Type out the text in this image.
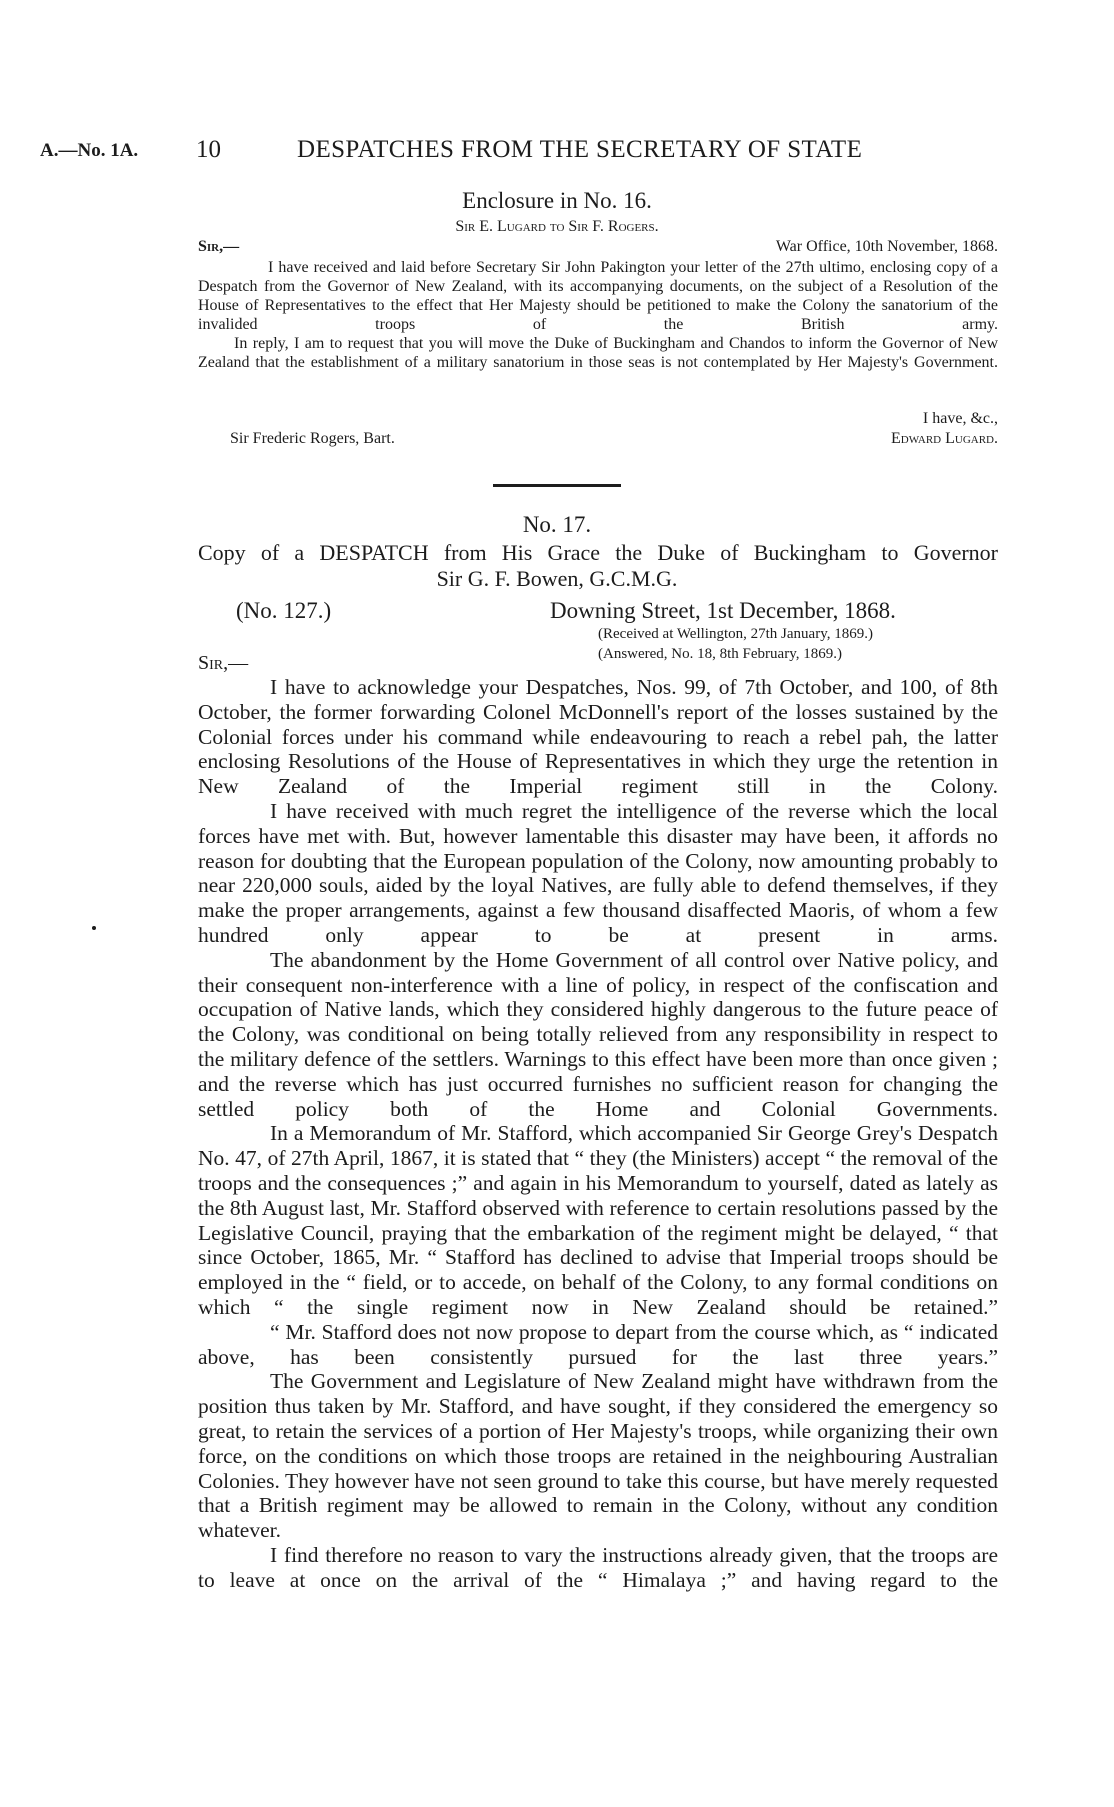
A.—No. 1A. 10	DESPATCHES FROM THE SECRETARY OF STATE
Enclosure in No. 16.
Sir E. Lugard to Sir F. Rogers.
Sir,—	War Office, 10th November, 1868.

I have received and laid before Secretary Sir John Pakington your letter of the 27th ultimo, enclosing copy of a Despatch from the Governor of New Zealand, with its accompanying documents, on the subject of a Resolution of the House of Representatives to the effect that Her Majesty should be petitioned to make the Colony the sanatorium of the invalided troops of the British army.

In reply, I am to request that you will move the Duke of Buckingham and Chandos to inform the Governor of New Zealand that the establishment of a military sanatorium in those seas is not contemplated by Her Majesty's Government.

I have, &c.,
Sir Frederic Rogers, Bart.	Edward Lugard.
No. 17.
Copy of a DESPATCH from His Grace the Duke of Buckingham to Governor
Sir G. F. Bowen, G.C.M.G.
(No. 127.)	Downing Street, 1st December, 1868.
(Received at Wellington, 27th January, 1869.)
(Answered, No. 18, 8th February, 1869.)
Sir,—

I have to acknowledge your Despatches, Nos. 99, of 7th October, and 100, of 8th October, the former forwarding Colonel McDonnell's report of the losses sustained by the Colonial forces under his command while endeavouring to reach a rebel pah, the latter enclosing Resolutions of the House of Representatives in which they urge the retention in New Zealand of the Imperial regiment still in the Colony.

I have received with much regret the intelligence of the reverse which the local forces have met with. But, however lamentable this disaster may have been, it affords no reason for doubting that the European population of the Colony, now amounting probably to near 220,000 souls, aided by the loyal Natives, are fully able to defend themselves, if they make the proper arrangements, against a few thousand disaffected Maoris, of whom a few hundred only appear to be at present in arms.

The abandonment by the Home Government of all control over Native policy, and their consequent non-interference with a line of policy, in respect of the confiscation and occupation of Native lands, which they considered highly dangerous to the future peace of the Colony, was conditional on being totally relieved from any responsibility in respect to the military defence of the settlers. Warnings to this effect have been more than once given ; and the reverse which has just occurred furnishes no sufficient reason for changing the settled policy both of the Home and Colonial Governments.

In a Memorandum of Mr. Stafford, which accompanied Sir George Grey's Despatch No. 47, of 27th April, 1867, it is stated that “ they (the Ministers) accept “ the removal of the troops and the consequences ;” and again in his Memorandum to yourself, dated as lately as the 8th August last, Mr. Stafford observed with reference to certain resolutions passed by the Legislative Council, praying that the embarkation of the regiment might be delayed, “ that since October, 1865, Mr. “ Stafford has declined to advise that Imperial troops should be employed in the “ field, or to accede, on behalf of the Colony, to any formal conditions on which “ the single regiment now in New Zealand should be retained.”

“ Mr. Stafford does not now propose to depart from the course which, as “ indicated above, has been consistently pursued for the last three years.”

The Government and Legislature of New Zealand might have withdrawn from the position thus taken by Mr. Stafford, and have sought, if they considered the emergency so great, to retain the services of a portion of Her Majesty's troops, while organizing their own force, on the conditions on which those troops are retained in the neighbouring Australian Colonies. They however have not seen ground to take this course, but have merely requested that a British regiment may be allowed to remain in the Colony, without any condition whatever.

I find therefore no reason to vary the instructions already given, that the troops are to leave at once on the arrival of the “ Himalaya ;” and having regard to the
